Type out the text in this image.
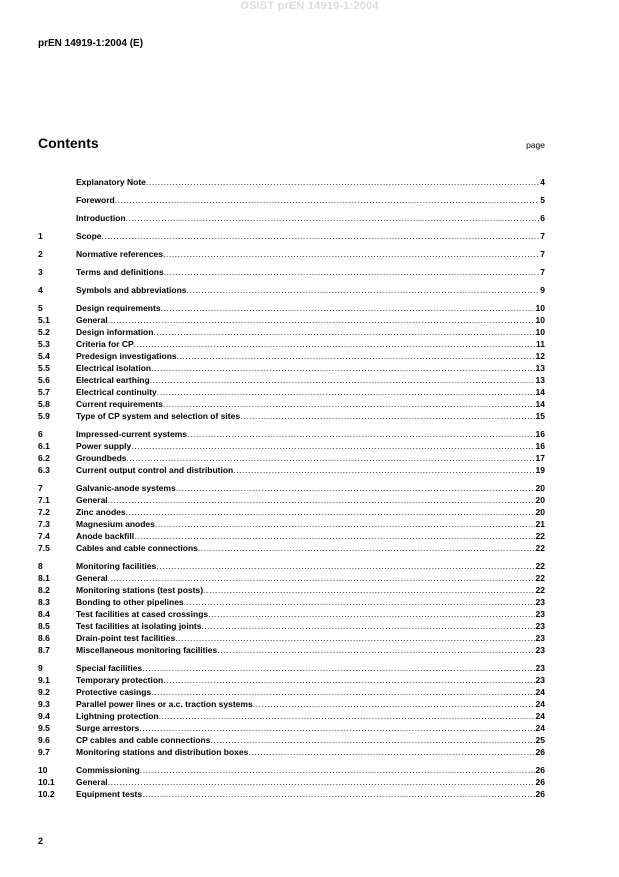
OSIST prEN 14919-1:2004
prEN 14919-1:2004 (E)
Contents	page
Explanatory Note .....	4
Foreword .....	5
Introduction .....	6
1	Scope .....	7
2	Normative references .....	7
3	Terms and definitions .....	7
4	Symbols and abbreviations .....	9
5	Design requirements .....	10
5.1	General .....	10
5.2	Design information .....	10
5.3	Criteria for CP .....	11
5.4	Predesign investigations .....	12
5.5	Electrical isolation .....	13
5.6	Electrical earthing .....	13
5.7	Electrical continuity .....	14
5.8	Current requirements .....	14
5.9	Type of CP system and selection of sites .....	15
6	Impressed-current systems .....	16
6.1	Power supply .....	16
6.2	Groundbeds .....	17
6.3	Current output control and distribution .....	19
7	Galvanic-anode systems .....	20
7.1	General .....	20
7.2	Zinc anodes .....	20
7.3	Magnesium anodes .....	21
7.4	Anode backfill .....	22
7.5	Cables and cable connections .....	22
8	Monitoring facilities .....	22
8.1	General .....	22
8.2	Monitoring stations (test posts) .....	22
8.3	Bonding to other pipelines .....	23
8.4	Test facilities at cased crossings .....	23
8.5	Test facilities at isolating joints .....	23
8.6	Drain-point test facilities .....	23
8.7	Miscellaneous monitoring facilities .....	23
9	Special facilities .....	23
9.1	Temporary protection .....	23
9.2	Protective casings .....	24
9.3	Parallel power lines or a.c. traction systems .....	24
9.4	Lightning protection .....	24
9.5	Surge arrestors .....	24
9.6	CP cables and cable connections .....	25
9.7	Monitoring stations and distribution boxes .....	26
10	Commissioning .....	26
10.1	General .....	26
10.2	Equipment tests .....	26
2
